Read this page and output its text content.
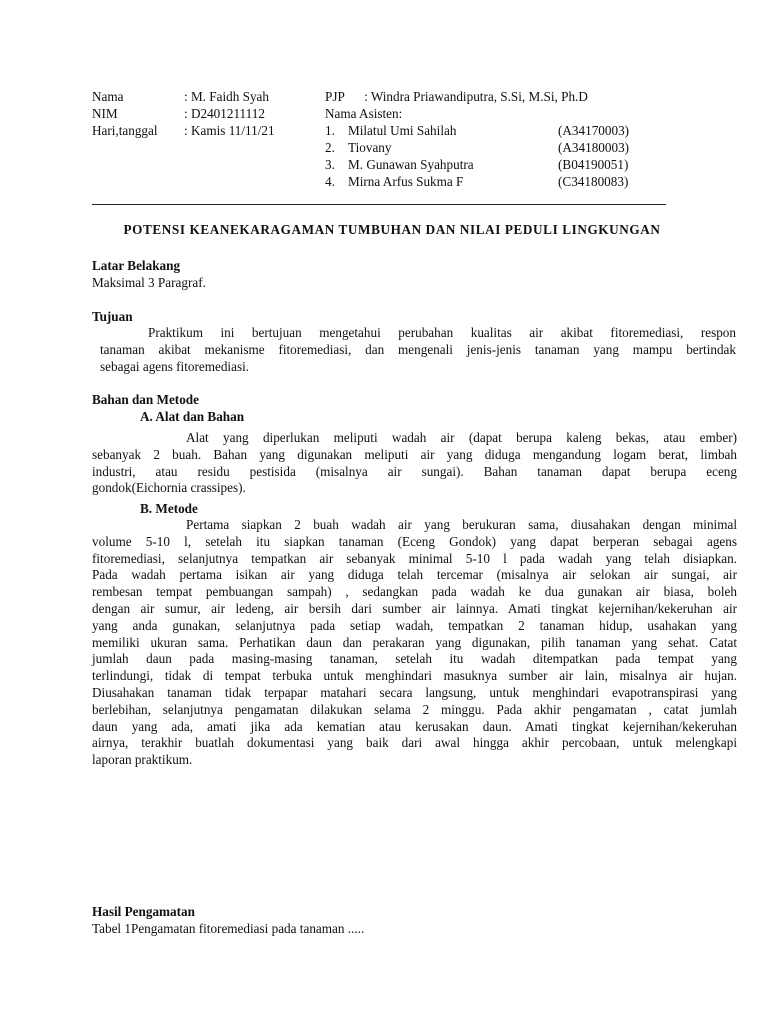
Nama	: M. Faidh Syah
NIM	: D2401211112
Hari,tanggal : Kamis 11/11/21
PJP      : Windra Priawandiputra, S.Si, M.Si, Ph.D
Nama Asisten:
1. Milatul Umi Sahilah	(A34170003)
2. Tiovany	(A34180003)
3. M. Gunawan Syahputra	(B04190051)
4. Mirna Arfus Sukma F	(C34180083)
POTENSI KEANEKARAGAMAN TUMBUHAN DAN NILAI PEDULI LINGKUNGAN
Latar Belakang
Maksimal 3 Paragraf.
Tujuan
Praktikum ini bertujuan mengetahui perubahan kualitas air akibat fitoremediasi, respon
tanaman akibat mekanisme fitoremediasi, dan mengenali jenis-jenis tanaman yang mampu bertindak
sebagai agens fitoremediasi.
Bahan dan Metode
A. Alat dan Bahan
Alat yang diperlukan meliputi wadah air (dapat berupa kaleng bekas, atau ember)
sebanyak 2 buah. Bahan yang digunakan meliputi air yang diduga mengandung logam berat, limbah
industri, atau residu pestisida (misalnya air sungai). Bahan tanaman dapat berupa eceng
gondok(Eichornia crassipes).
B. Metode
Pertama siapkan 2 buah wadah air yang berukuran sama, diusahakan dengan minimal
volume 5-10 l, setelah itu siapkan tanaman (Eceng Gondok) yang dapat berperan sebagai agens
fitoremediasi, selanjutnya tempatkan air sebanyak minimal 5-10 l pada wadah yang telah disiapkan.
Pada wadah pertama isikan air yang diduga telah tercemar (misalnya air selokan air sungai, air
rembesan tempat pembuangan sampah) , sedangkan pada wadah ke dua gunakan air biasa, boleh
dengan air sumur, air ledeng, air bersih dari sumber air lainnya. Amati tingkat kejernihan/kekeruhan air
yang anda gunakan, selanjutnya pada setiap wadah, tempatkan 2 tanaman hidup, usahakan yang
memiliki ukuran sama. Perhatikan daun dan perakaran yang digunakan, pilih tanaman yang sehat. Catat
jumlah daun pada masing-masing tanaman, setelah itu wadah ditempatkan pada tempat yang
terlindungi, tidak di tempat terbuka untuk menghindari masuknya sumber air lain, misalnya air hujan.
Diusahakan tanaman tidak terpapar matahari secara langsung, untuk menghindari evapotranspirasi yang
berlebihan, selanjutnya pengamatan dilakukan selama 2 minggu. Pada akhir pengamatan , catat jumlah
daun yang ada, amati jika ada kematian atau kerusakan daun. Amati tingkat kejernihan/kekeruhan
airnya, terakhir buatlah dokumentasi yang baik dari awal hingga akhir percobaan, untuk melengkapi
laporan praktikum.
Hasil Pengamatan
Tabel 1Pengamatan fitoremediasi pada tanaman .....
